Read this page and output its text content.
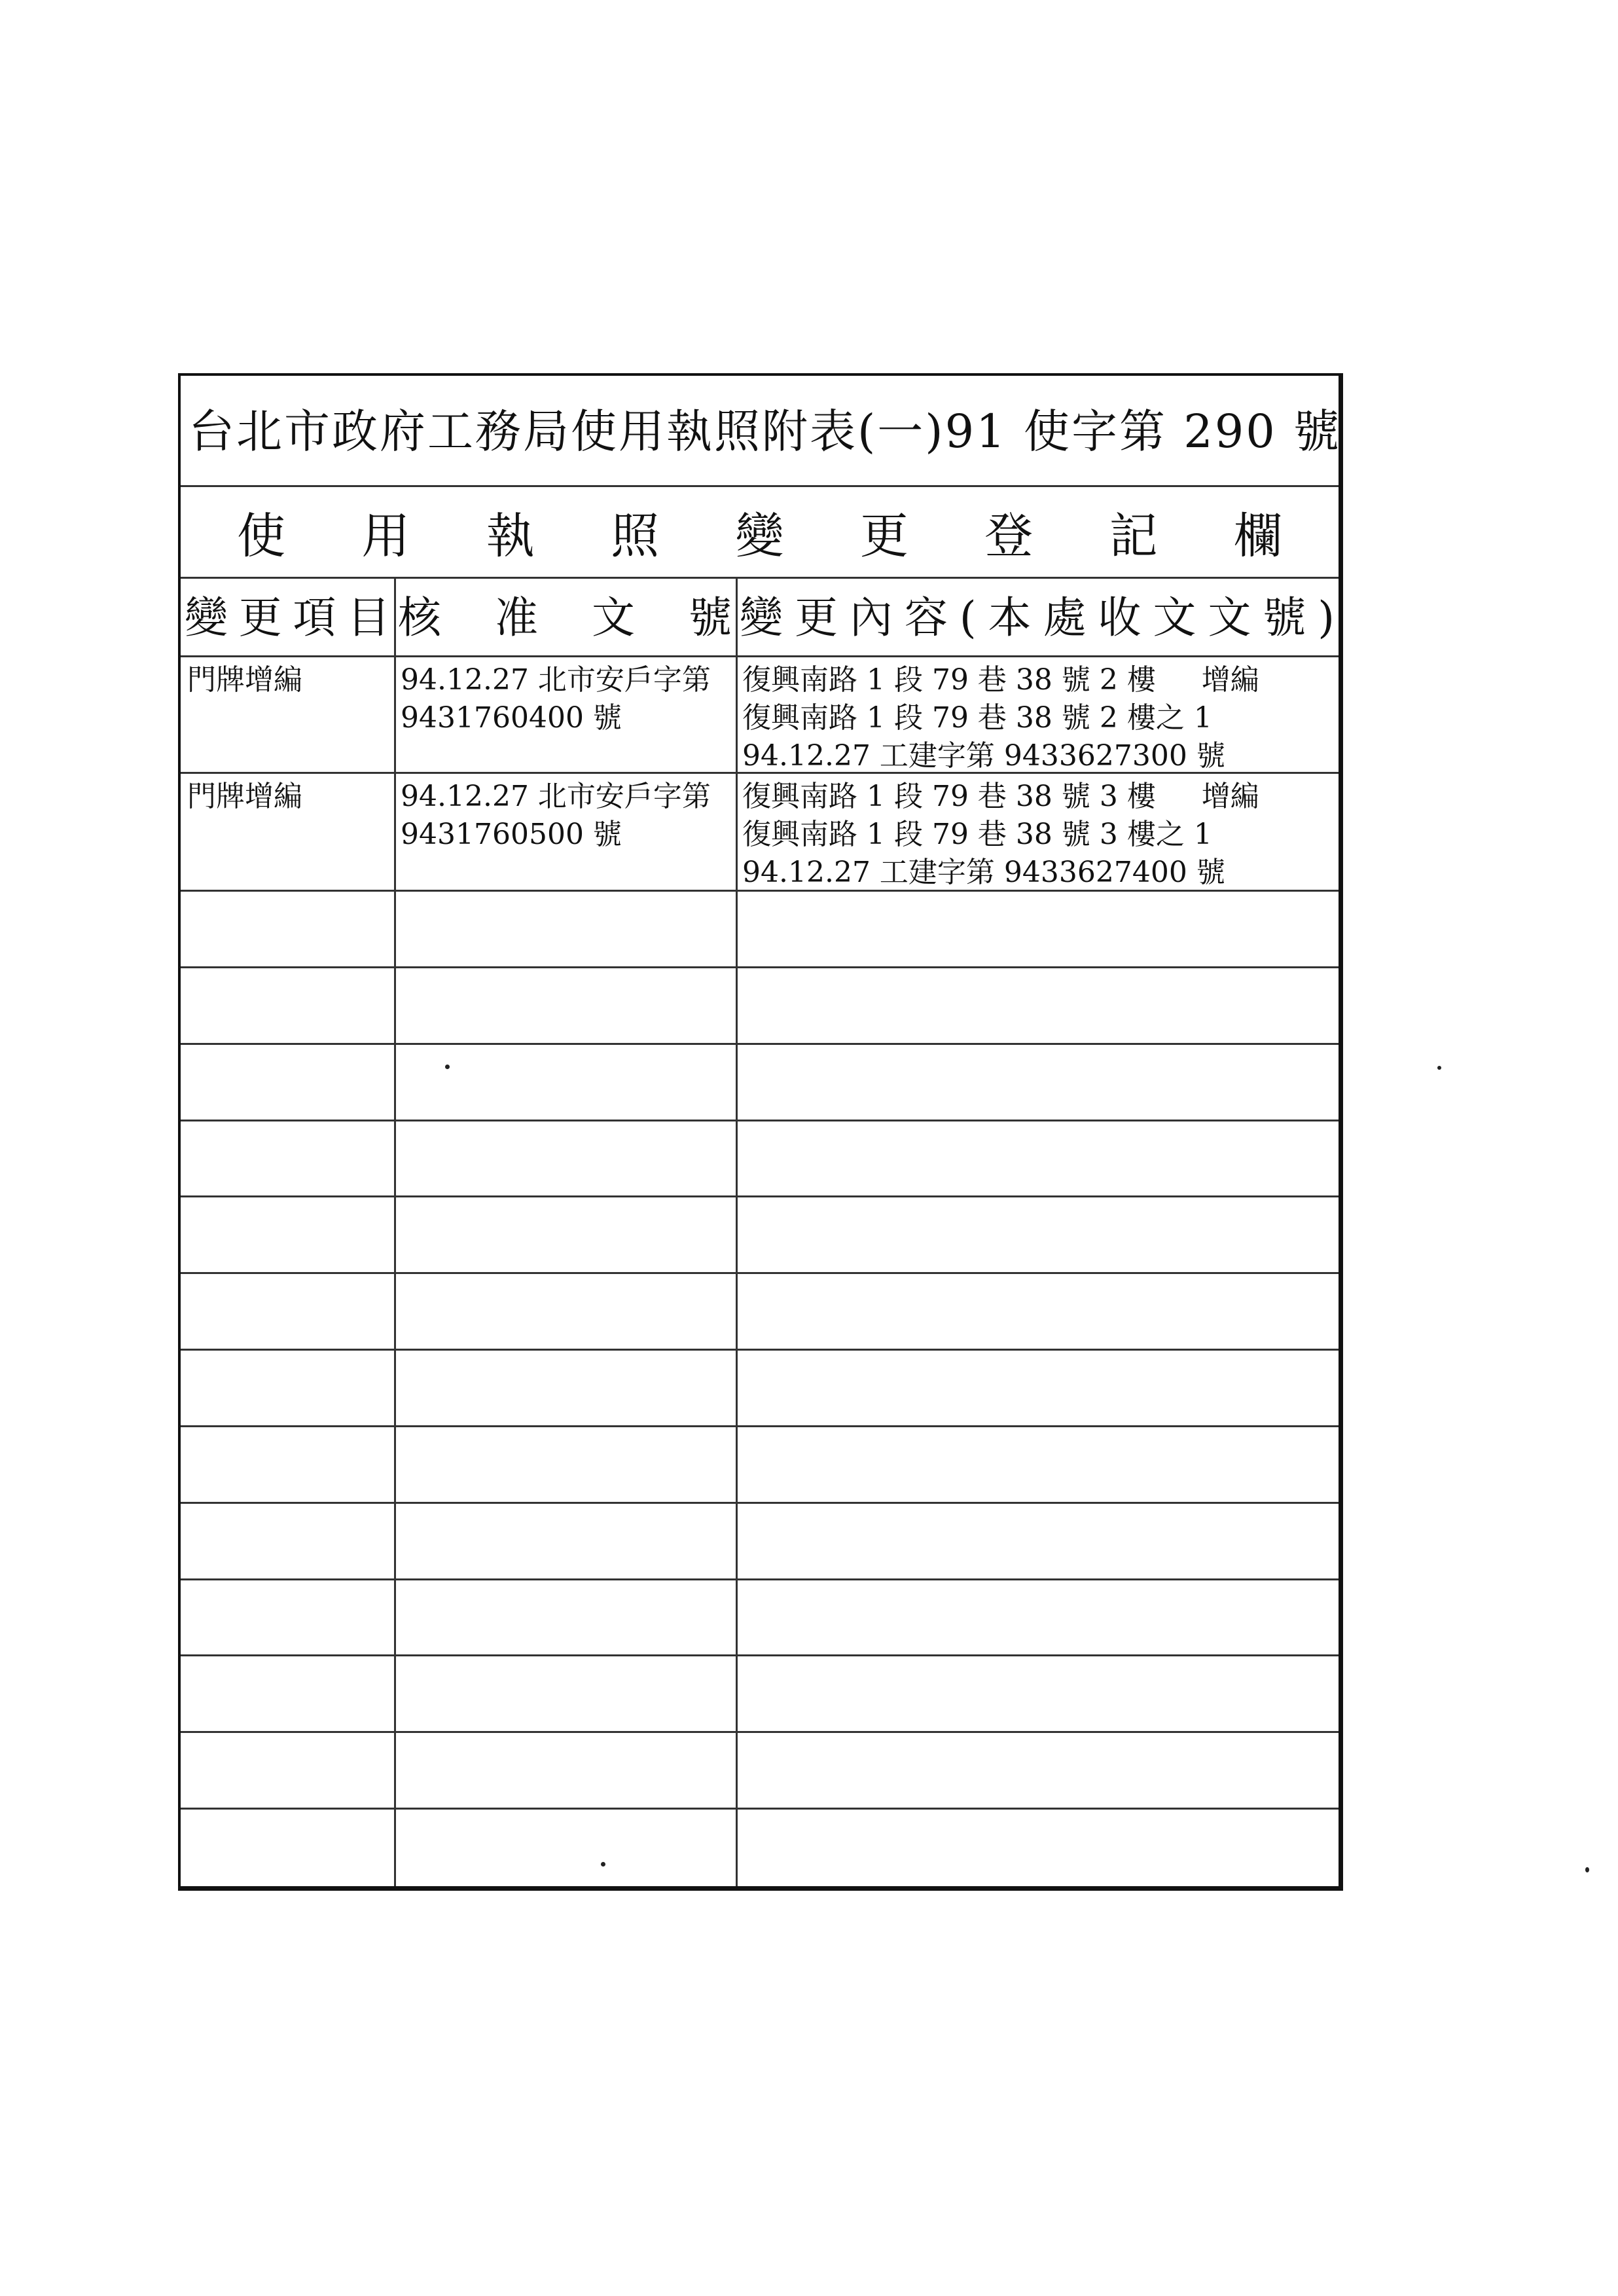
台北市政府工務局使用執照附表(一)91 使字第 290 號
使 用 執 照 變 更 登 記 欄
變 更 項 目 核 准 文 號 變 更 內 容 ( 本 處 收 文 文 號 )
門牌增編	94.12.27 北市安戶字第
9431760400 號
復興南路 1 段 79 巷 38 號 2 樓     增編
復興南路 1 段 79 巷 38 號 2 樓之 1
94.12.27 工建字第 9433627300 號
門牌增編	94.12.27 北市安戶字第
9431760500 號
復興南路 1 段 79 巷 38 號 3 樓     增編
復興南路 1 段 79 巷 38 號 3 樓之 1
94.12.27 工建字第 9433627400 號
